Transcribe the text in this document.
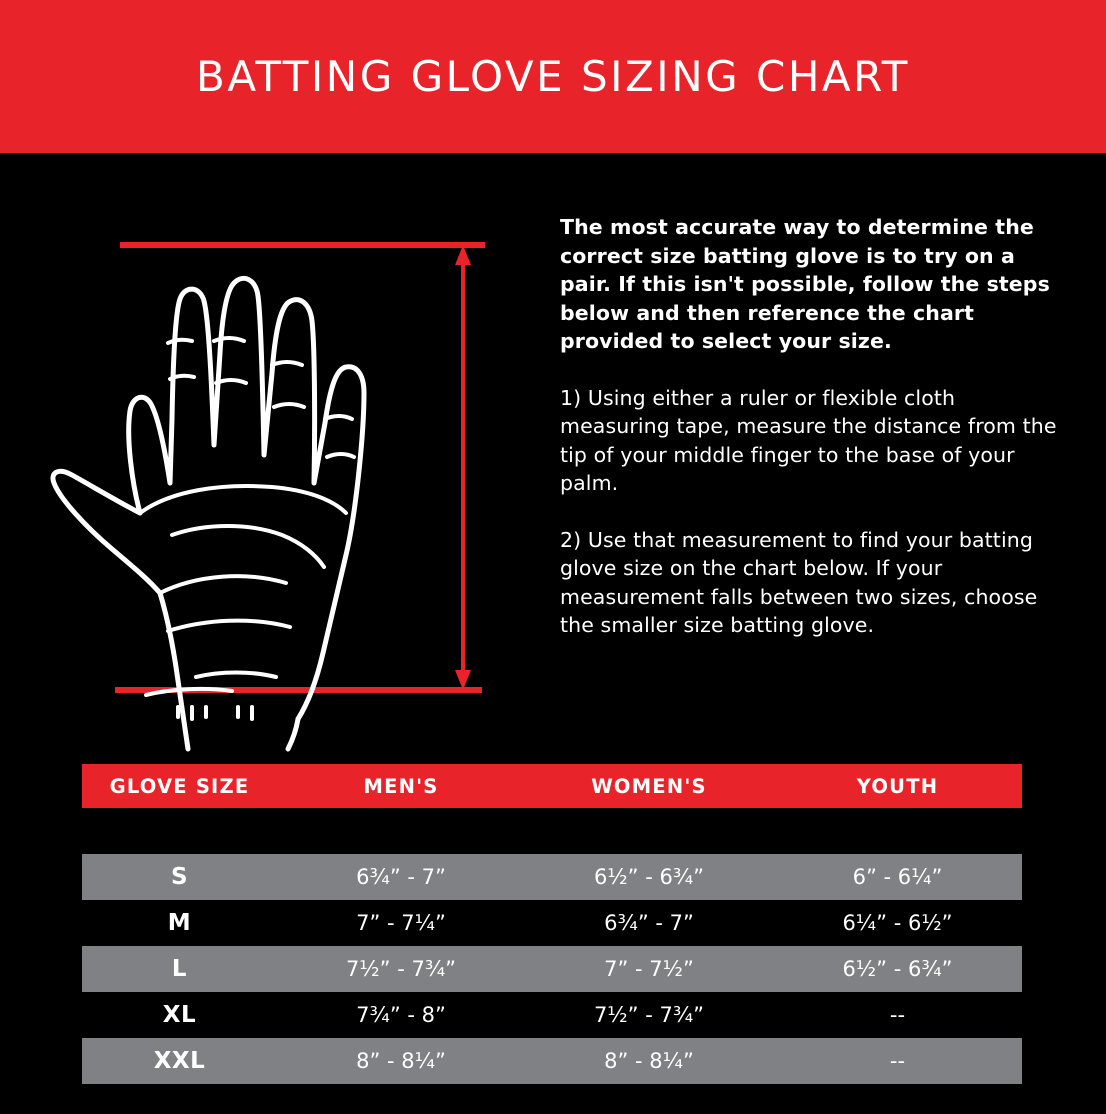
BATTING GLOVE SIZING CHART

The most accurate way to determine the correct size batting glove is to try on a pair. If this isn't possible, follow the steps below and then reference the chart provided to select your size.

1) Using either a ruler or flexible cloth measuring tape, measure the distance from the tip of your middle finger to the base of your palm.

2) Use that measurement to find your batting glove size on the chart below. If your measurement falls between two sizes, choose the smaller size batting glove.

GLOVE SIZE	MEN'S	WOMEN'S	YOUTH

S	6¾” - 7”	6½” - 6¾”	6” - 6¼”
M	7” - 7¼”	6¾” - 7”	6¼” - 6½”
L	7½” - 7¾”	7” - 7½”	6½” - 6¾”
XL	7¾” - 8”	7½” - 7¾”	--
XXL	8” - 8¼”	8” - 8¼”	--
